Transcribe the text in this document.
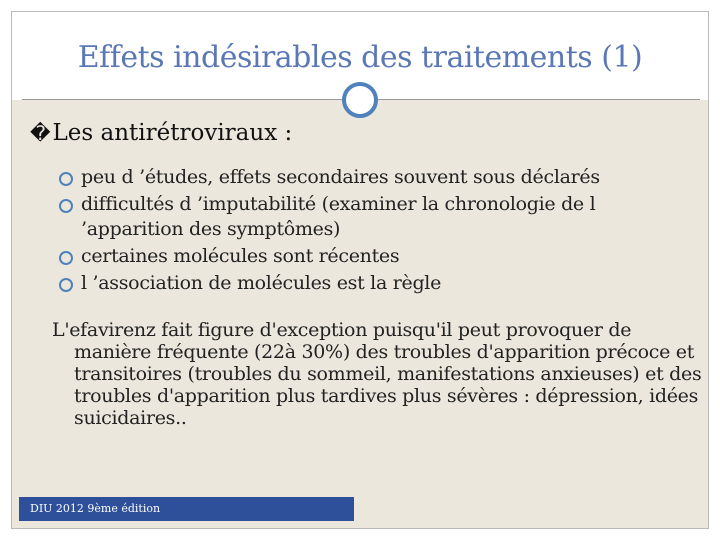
Effets indésirables des traitements (1)
�Les antirétroviraux :
peu d ’études, effets secondaires souvent sous déclarés
difficultés d ’imputabilité (examiner la chronologie de l ’apparition des symptômes)
certaines molécules sont récentes
l ’association de molécules est la règle
L'efavirenz fait figure d'exception puisqu'il peut provoquer de manière fréquente (22à 30%) des troubles d'apparition précoce et transitoires (troubles du sommeil, manifestations anxieuses) et des troubles d'apparition plus tardives plus sévères : dépression, idées suicidaires..
DIU 2012 9ème édition
